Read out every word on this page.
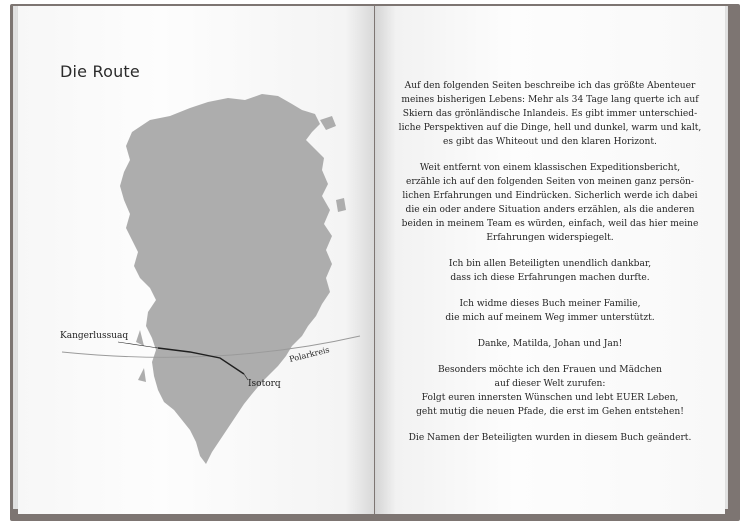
Die Route
Kangerlussuaq
Isotorq
Polarkreis

Auf den folgenden Seiten beschreibe ich das größte Abenteuer
meines bisherigen Lebens: Mehr als 34 Tage lang querte ich auf
Skiern das grönländische Inlandeis. Es gibt immer unterschied-
liche Perspektiven auf die Dinge, hell und dunkel, warm und kalt,
es gibt das Whiteout und den klaren Horizont.

Weit entfernt von einem klassischen Expeditionsbericht,
erzähle ich auf den folgenden Seiten von meinen ganz persön-
lichen Erfahrungen und Eindrücken. Sicherlich werde ich dabei
die ein oder andere Situation anders erzählen, als die anderen
beiden in meinem Team es würden, einfach, weil das hier meine
Erfahrungen widerspiegelt.

Ich bin allen Beteiligten unendlich dankbar,
dass ich diese Erfahrungen machen durfte.

Ich widme dieses Buch meiner Familie,
die mich auf meinem Weg immer unterstützt.

Danke, Matilda, Johan und Jan!

Besonders möchte ich den Frauen und Mädchen
auf dieser Welt zurufen:
Folgt euren innersten Wünschen und lebt EUER Leben,
geht mutig die neuen Pfade, die erst im Gehen entstehen!

Die Namen der Beteiligten wurden in diesem Buch geändert.
